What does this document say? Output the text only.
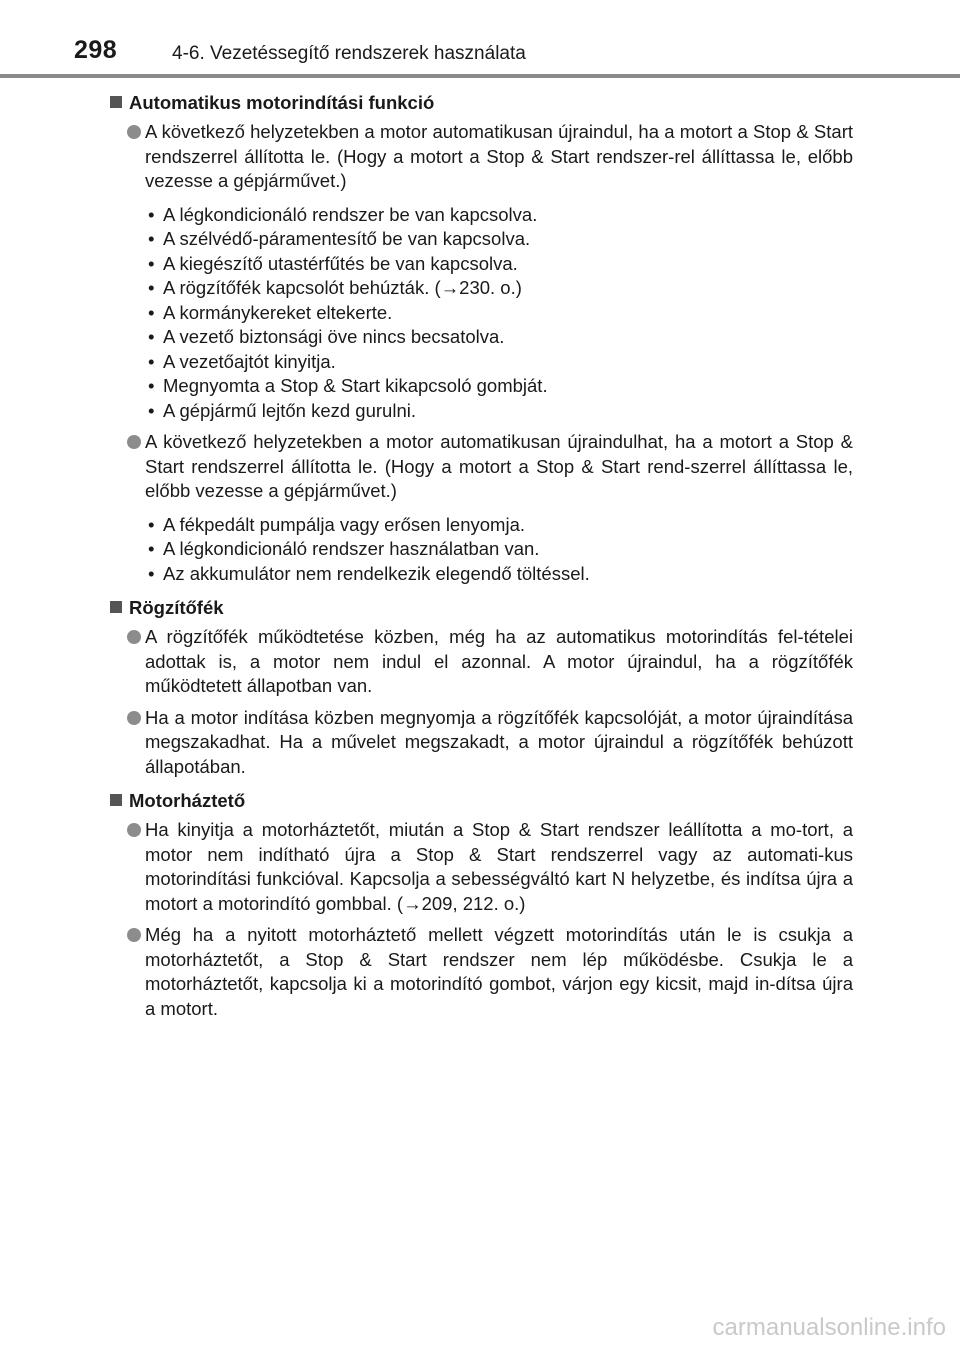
298	4-6. Vezetéssegítő rendszerek használata
Automatikus motorindítási funkció
A következő helyzetekben a motor automatikusan újraindul, ha a motort a Stop & Start rendszerrel állította le. (Hogy a motort a Stop & Start rendszer-rel állíttassa le, előbb vezesse a gépjárművet.)
• A légkondicionáló rendszer be van kapcsolva.
• A szélvédő-páramentesítő be van kapcsolva.
• A kiegészítő utastérfűtés be van kapcsolva.
• A rögzítőfék kapcsolót behúzták. (→230. o.)
• A kormánykereket eltekerte.
• A vezető biztonsági öve nincs becsatolva.
• A vezetőajtót kinyitja.
• Megnyomta a Stop & Start kikapcsoló gombját.
• A gépjármű lejtőn kezd gurulni.
A következő helyzetekben a motor automatikusan újraindulhat, ha a motort a Stop & Start rendszerrel állította le. (Hogy a motort a Stop & Start rend-szerrel állíttassa le, előbb vezesse a gépjárművet.)
• A fékpedált pumpálja vagy erősen lenyomja.
• A légkondicionáló rendszer használatban van.
• Az akkumulátor nem rendelkezik elegendő töltéssel.
Rögzítőfék
A rögzítőfék működtetése közben, még ha az automatikus motorindítás fel-tételei adottak is, a motor nem indul el azonnal. A motor újraindul, ha a rögzítőfék működtetett állapotban van.
Ha a motor indítása közben megnyomja a rögzítőfék kapcsolóját, a motor újraindítása megszakadhat. Ha a művelet megszakadt, a motor újraindul a rögzítőfék behúzott állapotában.
Motorháztető
Ha kinyitja a motorháztetőt, miután a Stop & Start rendszer leállította a mo-tort, a motor nem indítható újra a Stop & Start rendszerrel vagy az automati-kus motorindítási funkcióval. Kapcsolja a sebességváltó kart N helyzetbe, és indítsa újra a motort a motorindító gombbal. (→209, 212. o.)
Még ha a nyitott motorháztető mellett végzett motorindítás után le is csukja a motorháztetőt, a Stop & Start rendszer nem lép működésbe. Csukja le a motorháztetőt, kapcsolja ki a motorindító gombot, várjon egy kicsit, majd in-dítsa újra a motort.
carmanualsonline.info
